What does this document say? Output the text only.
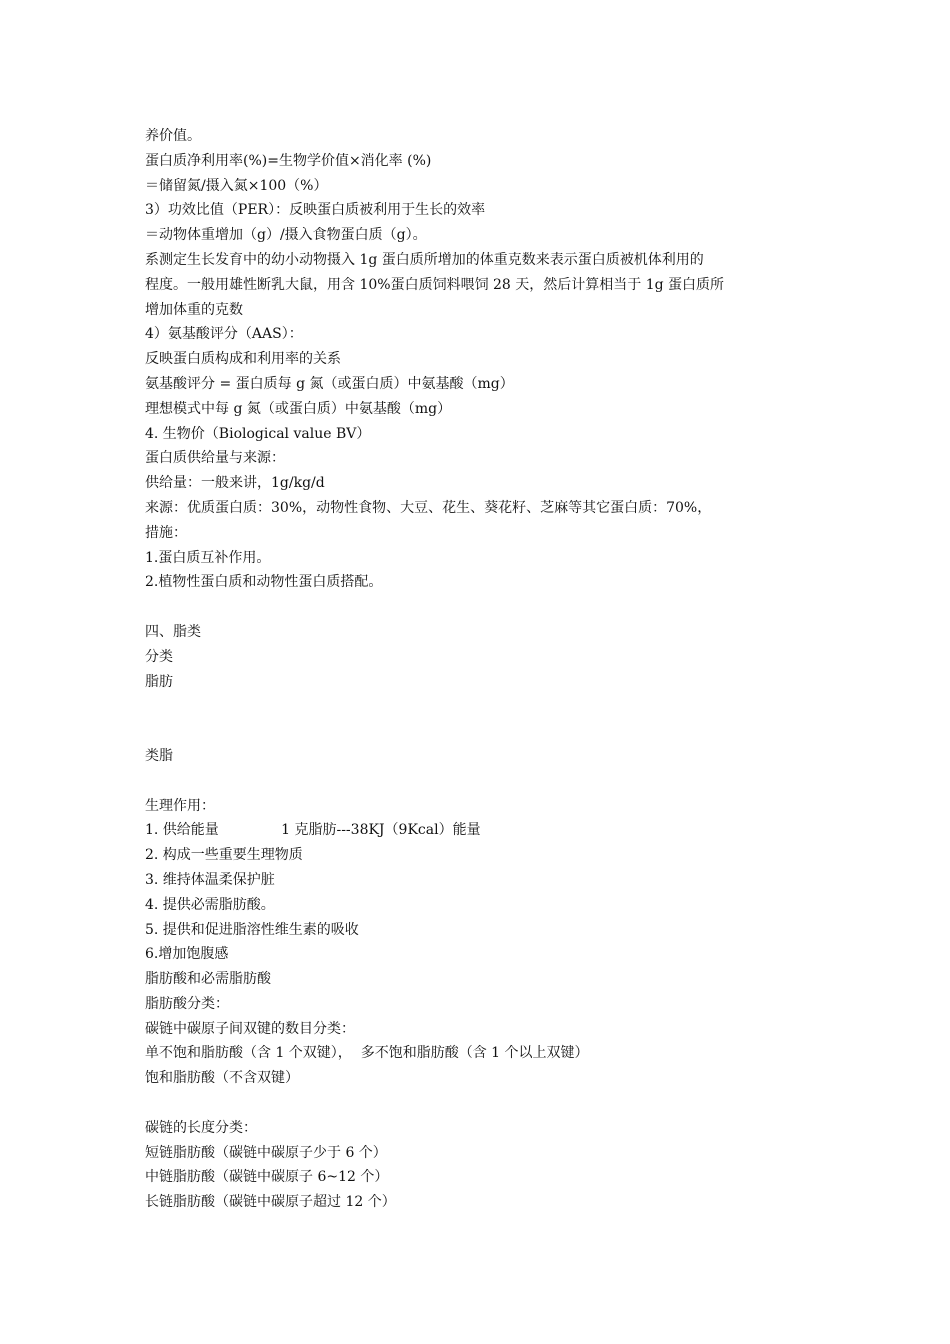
养价值。
蛋白质净利用率(%)=生物学价值×消化率 (%)
＝储留氮/摄入氮×100（%）
3）功效比值（PER）：反映蛋白质被利用于生长的效率
＝动物体重增加（g）/摄入食物蛋白质（g）。
系测定生长发育中的幼小动物摄入 1g 蛋白质所增加的体重克数来表示蛋白质被机体利用的
程度。一般用雄性断乳大鼠，用含 10%蛋白质饲料喂饲 28 天，然后计算相当于 1g 蛋白质所
增加体重的克数
4）氨基酸评分（AAS）：
反映蛋白质构成和利用率的关系
氨基酸评分 = 蛋白质每 g 氮（或蛋白质）中氨基酸（mg）
理想模式中每 g 氮（或蛋白质）中氨基酸（mg）
4. 生物价（Biological value BV）
蛋白质供给量与来源：
供给量：一般来讲，1g/kg/d
来源：优质蛋白质：30%，动物性食物、大豆、花生、葵花籽、芝麻等其它蛋白质：70%，
措施：
1.蛋白质互补作用。
2.植物性蛋白质和动物性蛋白质搭配。
四、脂类
分类
脂肪
类脂
生理作用：
1. 供给能量              1 克脂肪---38KJ（9Kcal）能量
2. 构成一些重要生理物质
3. 维持体温柔保护脏
4. 提供必需脂肪酸。
5. 提供和促进脂溶性维生素的吸收
6.增加饱腹感
脂肪酸和必需脂肪酸
脂肪酸分类：
碳链中碳原子间双键的数目分类：
单不饱和脂肪酸（含 1 个双键），  多不饱和脂肪酸（含 1 个以上双键）
饱和脂肪酸（不含双键）
碳链的长度分类：
短链脂肪酸（碳链中碳原子少于 6 个）
中链脂肪酸（碳链中碳原子 6~12 个）
长链脂肪酸（碳链中碳原子超过 12 个）
